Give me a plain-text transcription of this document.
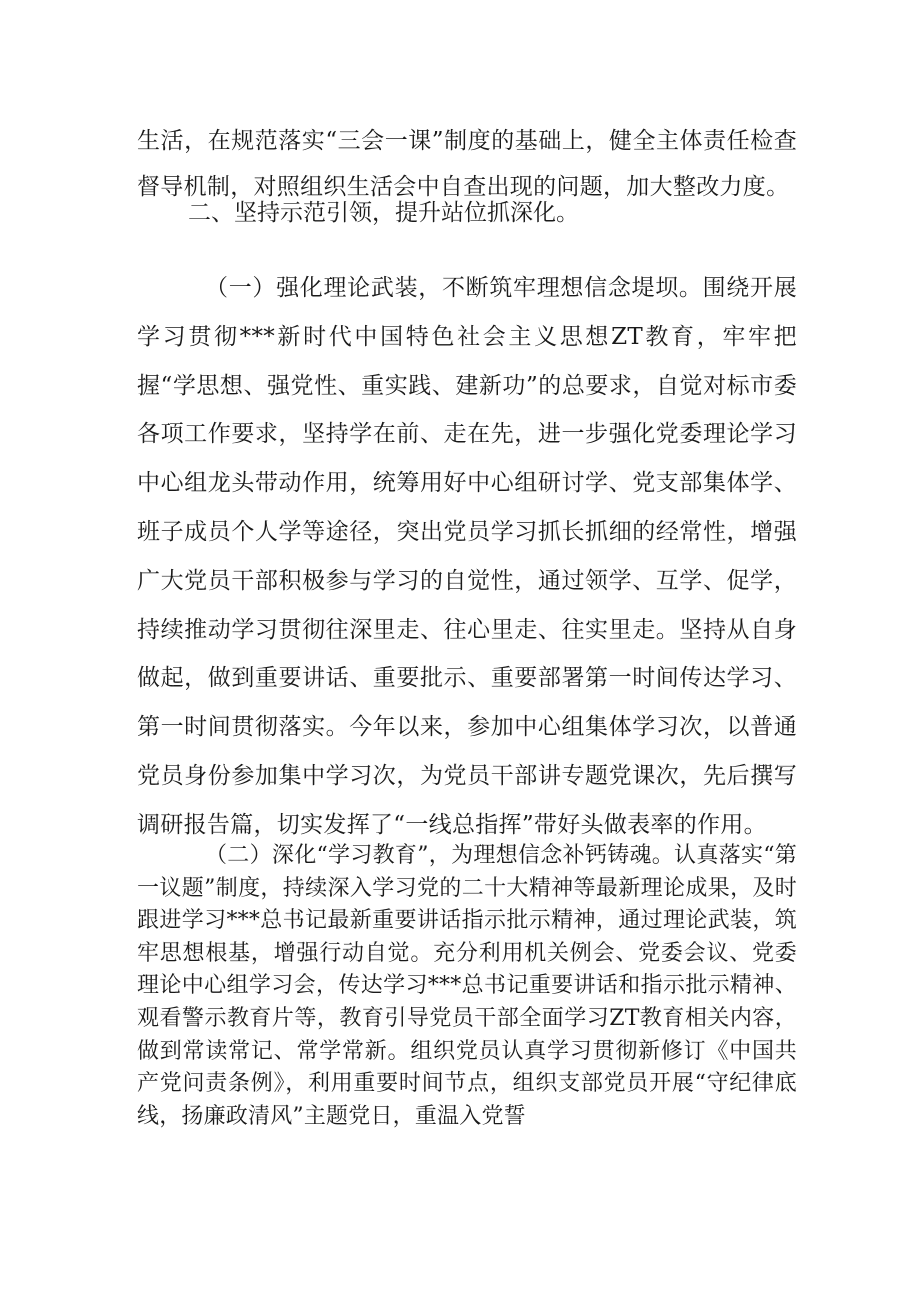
生活，在规范落实“三会一课”制度的基础上，健全主体责任检查督导机制，对照组织生活会中自查出现的问题，加大整改力度。

二、坚持示范引领，提升站位抓深化。

（一）强化理论武装，不断筑牢理想信念堤坝。围绕开展学习贯彻***新时代中国特色社会主义思想ZT教育，牢牢把握“学思想、强党性、重实践、建新功”的总要求，自觉对标市委各项工作要求，坚持学在前、走在先，进一步强化党委理论学习中心组龙头带动作用，统筹用好中心组研讨学、党支部集体学、班子成员个人学等途径，突出党员学习抓长抓细的经常性，增强广大党员干部积极参与学习的自觉性，通过领学、互学、促学，持续推动学习贯彻往深里走、往心里走、往实里走。坚持从自身做起，做到重要讲话、重要批示、重要部署第一时间传达学习、第一时间贯彻落实。今年以来，参加中心组集体学习次，以普通党员身份参加集中学习次，为党员干部讲专题党课次，先后撰写调研报告篇，切实发挥了“一线总指挥”带好头做表率的作用。

（二）深化“学习教育”，为理想信念补钙铸魂。认真落实“第一议题”制度，持续深入学习党的二十大精神等最新理论成果，及时跟进学习***总书记最新重要讲话指示批示精神，通过理论武装，筑牢思想根基，增强行动自觉。充分利用机关例会、党委会议、党委理论中心组学习会，传达学习***总书记重要讲话和指示批示精神、观看警示教育片等，教育引导党员干部全面学习ZT教育相关内容，做到常读常记、常学常新。组织党员认真学习贯彻新修订《中国共产党问责条例》，利用重要时间节点，组织支部党员开展“守纪律底线，扬廉政清风”主题党日，重温入党誓
